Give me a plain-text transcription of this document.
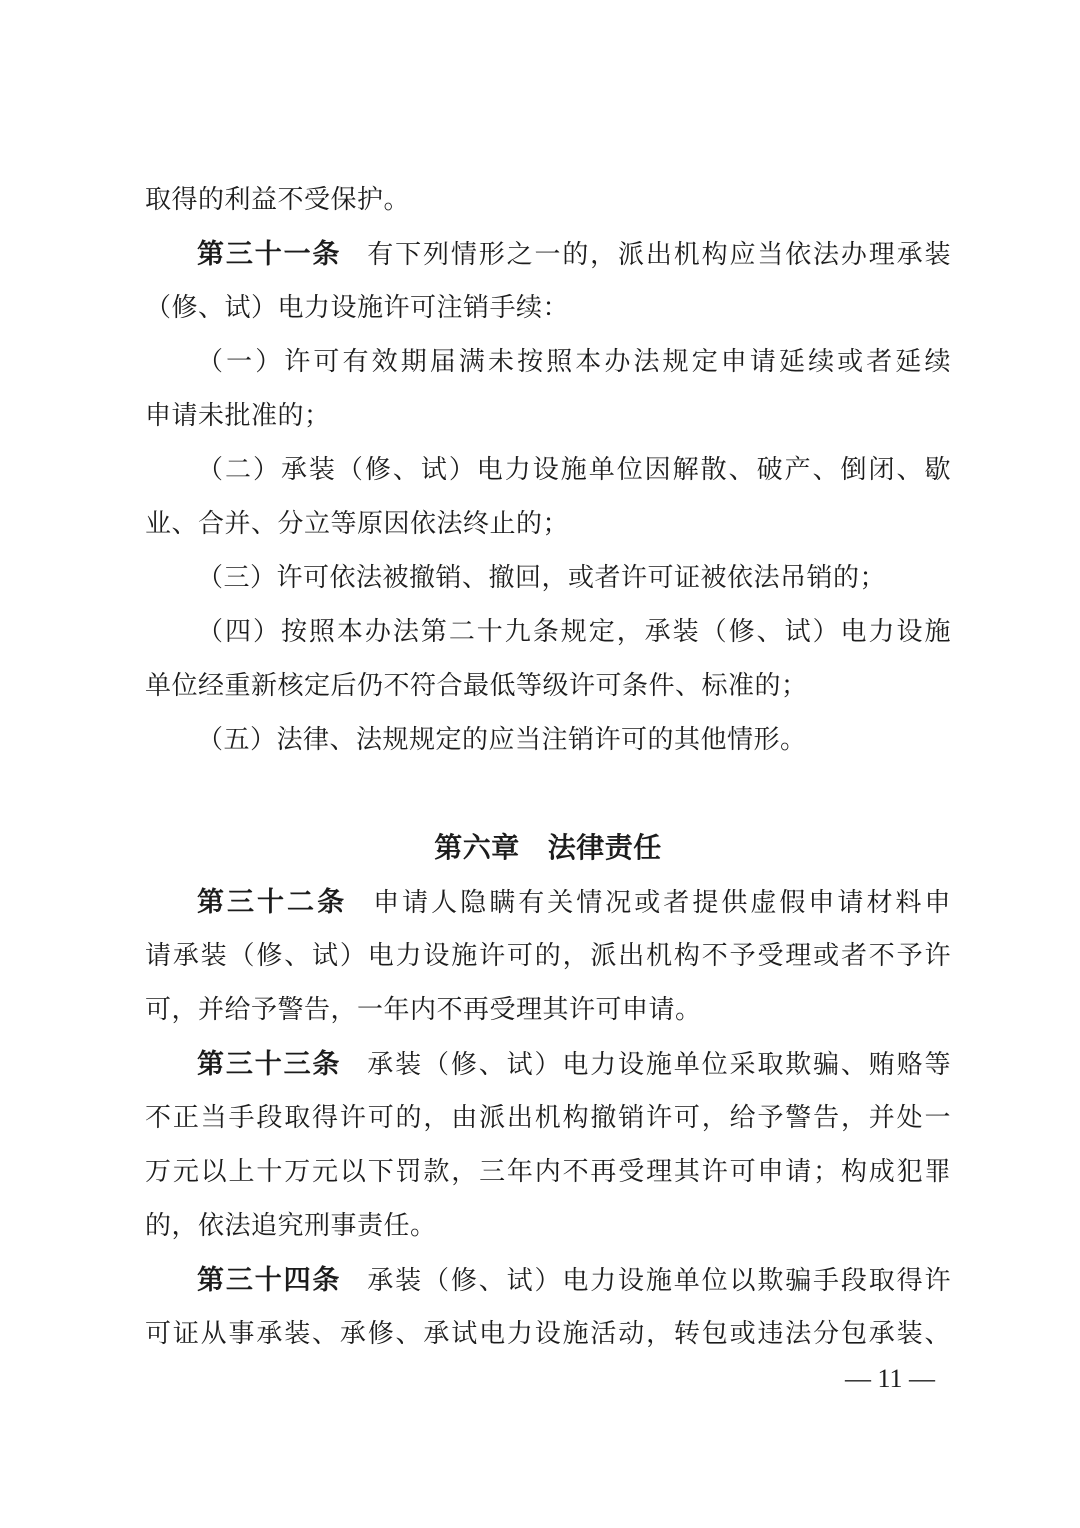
取得的利益不受保护。
第三十一条 有下列情形之一的，派出机构应当依法办理承装
（修、试）电力设施许可注销手续：
（一）许可有效期届满未按照本办法规定申请延续或者延续
申请未批准的；
（二）承装（修、试）电力设施单位因解散、破产、倒闭、歇
业、合并、分立等原因依法终止的；
（三）许可依法被撤销、撤回，或者许可证被依法吊销的；
（四）按照本办法第二十九条规定，承装（修、试）电力设施
单位经重新核定后仍不符合最低等级许可条件、标准的；
（五）法律、法规规定的应当注销许可的其他情形。
第六章 法律责任
第三十二条 申请人隐瞒有关情况或者提供虚假申请材料申
请承装（修、试）电力设施许可的，派出机构不予受理或者不予许
可，并给予警告，一年内不再受理其许可申请。
第三十三条 承装（修、试）电力设施单位采取欺骗、贿赂等
不正当手段取得许可的，由派出机构撤销许可，给予警告，并处一
万元以上十万元以下罚款，三年内不再受理其许可申请；构成犯罪
的，依法追究刑事责任。
第三十四条 承装（修、试）电力设施单位以欺骗手段取得许
可证从事承装、承修、承试电力设施活动，转包或违法分包承装、
— 11 —
